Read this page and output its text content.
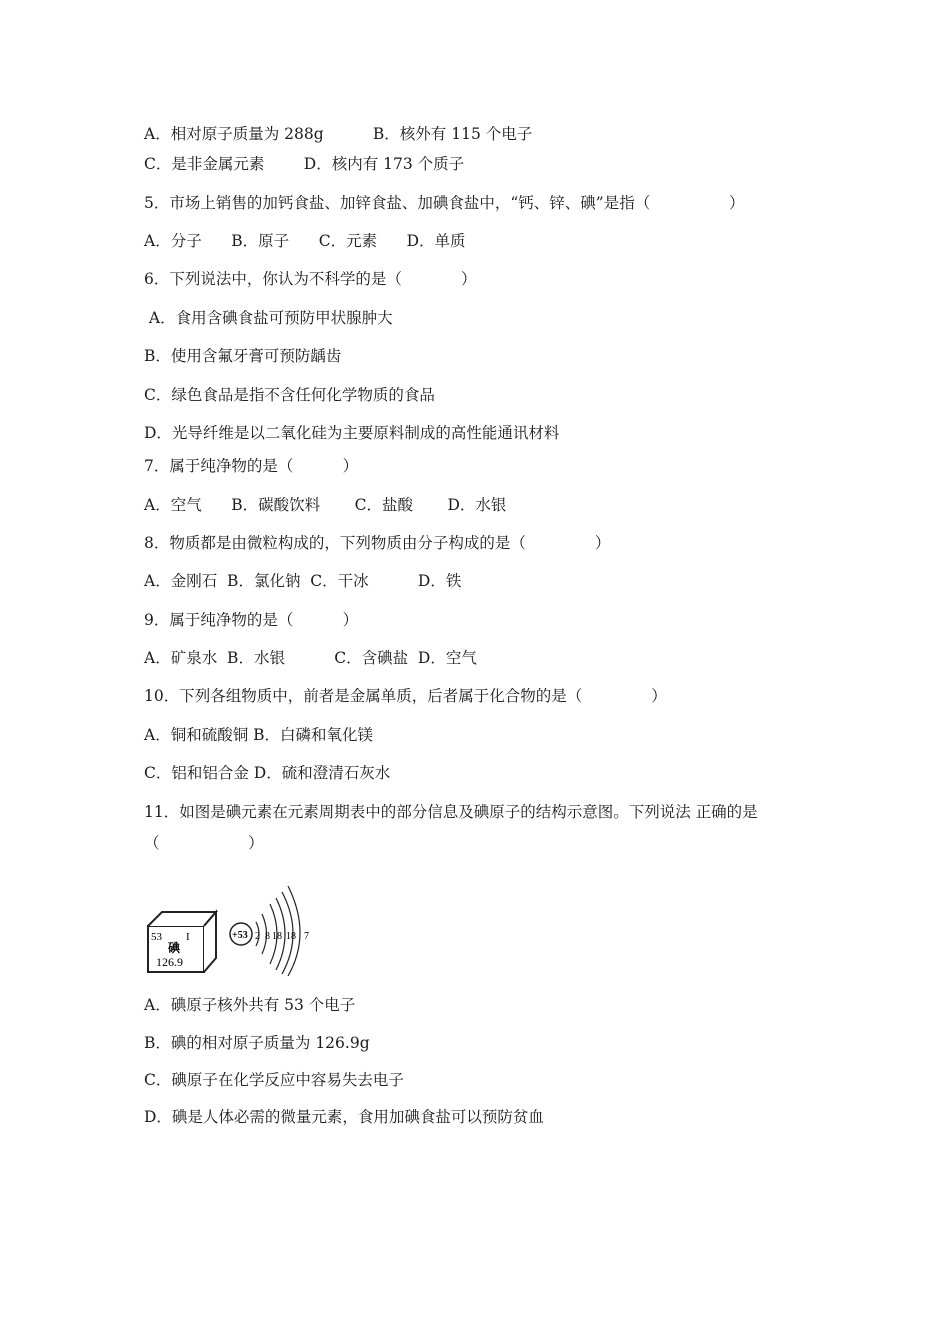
A．相对原子质量为 288g          B．核外有 115 个电子
C．是非金属元素        D．核内有 173 个质子
5．市场上销售的加钙食盐、加锌食盐、加碘食盐中，“钙、锌、碘”是指（                ）
A．分子      B．原子      C．元素      D．单质
6．下列说法中，你认为不科学的是（            ）
A．食用含碘食盐可预防甲状腺肿大
B．使用含氟牙膏可预防龋齿
C．绿色食品是指不含任何化学物质的食品
D．光导纤维是以二氧化硅为主要原料制成的高性能通讯材料
7．属于纯净物的是（          ）
A．空气      B．碳酸饮料       C．盐酸       D．水银
8．物质都是由微粒构成的，下列物质由分子构成的是（              ）
A．金刚石  B．氯化钠  C．干冰          D．铁
9．属于纯净物的是（          ）
A．矿泉水  B．水银          C．含碘盐  D．空气
10．下列各组物质中，前者是金属单质，后者属于化合物的是（              ）
A．铜和硫酸铜 B．白磷和氧化镁
C．铝和铝合金 D．硫和澄清石灰水
11．如图是碘元素在元素周期表中的部分信息及碘原子的结构示意图。下列说法 正确的是
（                  ）
53 I
碘
126.9
+53 2 8 18 18 7
A．碘原子核外共有 53 个电子
B．碘的相对原子质量为 126.9g
C．碘原子在化学反应中容易失去电子
D．碘是人体必需的微量元素，食用加碘食盐可以预防贫血
